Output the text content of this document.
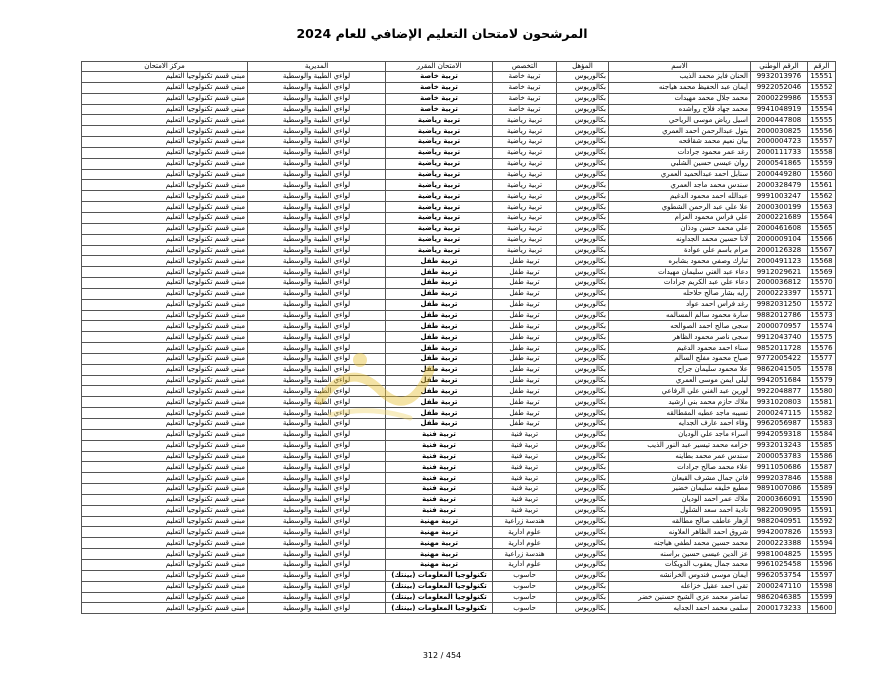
المرشحون لامتحان التعليم الإضافي للعام 2024
الرقم	الرقم الوطني	الاسم	المؤهل	التخصص	الامتحان المقرر	المديرية	مركز الامتحان
15551	9932013976	الحنان فايز محمد الذيب	بكالوريوس	تربية خاصة	تربية خاصة	لواءي الطيبة والوسطية	مبنى قسم تكنولوجيا التعليم
15552	9922052046	ايمان عبد الحفيظ محمد هياجنه	بكالوريوس	تربية خاصة	تربية خاصة	لواءي الطيبة والوسطية	مبنى قسم تكنولوجيا التعليم
15553	2000229986	محمد جلال محمد مهيدات	بكالوريوس	تربية خاصة	تربية خاصة	لواءي الطيبة والوسطية	مبنى قسم تكنولوجيا التعليم
15554	9941048919	محمد جهاد فلاح رواشده	بكالوريوس	تربية خاصة	تربية خاصة	لواءي الطيبة والوسطية	مبنى قسم تكنولوجيا التعليم
15555	2000447808	اسيل رياض موسى الرياحي	بكالوريوس	تربية رياضية	تربية رياضية	لواءي الطيبة والوسطية	مبنى قسم تكنولوجيا التعليم
15556	2000030825	بتول عبدالرحمن احمد العمري	بكالوريوس	تربية رياضية	تربية رياضية	لواءي الطيبة والوسطية	مبنى قسم تكنولوجيا التعليم
15557	2000004723	بيان نعيم محمد شقاقحه	بكالوريوس	تربية رياضية	تربية رياضية	لواءي الطيبة والوسطية	مبنى قسم تكنولوجيا التعليم
15558	2000111733	رغد عمر محمود جرادات	بكالوريوس	تربية رياضية	تربية رياضية	لواءي الطيبة والوسطية	مبنى قسم تكنولوجيا التعليم
15559	2000541865	روان عيسى حسين الشلبي	بكالوريوس	تربية رياضية	تربية رياضية	لواءي الطيبة والوسطية	مبنى قسم تكنولوجيا التعليم
15560	2000449280	سنابل احمد عبدالحميد العمري	بكالوريوس	تربية رياضية	تربية رياضية	لواءي الطيبة والوسطية	مبنى قسم تكنولوجيا التعليم
15561	2000328479	سندس محمد ماجد العمري	بكالوريوس	تربية رياضية	تربية رياضية	لواءي الطيبة والوسطية	مبنى قسم تكنولوجيا التعليم
15562	9991003247	عبدالله احمد محمود الدغيم	بكالوريوس	تربية رياضية	تربية رياضية	لواءي الطيبة والوسطية	مبنى قسم تكنولوجيا التعليم
15563	2000300199	علا علي عبد الرحمن الشطوي	بكالوريوس	تربية رياضية	تربية رياضية	لواءي الطيبة والوسطية	مبنى قسم تكنولوجيا التعليم
15564	2000221689	علي فراس محمود العزام	بكالوريوس	تربية رياضية	تربية رياضية	لواءي الطيبة والوسطية	مبنى قسم تكنولوجيا التعليم
15565	2000461608	علي محمد حسن ودذان	بكالوريوس	تربية رياضية	تربية رياضية	لواءي الطيبة والوسطية	مبنى قسم تكنولوجيا التعليم
15566	2000009104	لانا حسين محمد الجداونه	بكالوريوس	تربية رياضية	تربية رياضية	لواءي الطيبة والوسطية	مبنى قسم تكنولوجيا التعليم
15567	2000126328	مرام باسم علي عوادة	بكالوريوس	تربية رياضية	تربية رياضية	لواءي الطيبة والوسطية	مبنى قسم تكنولوجيا التعليم
15568	2000491123	تبارك وصفي محمود بشابره	بكالوريوس	تربية طفل	تربية طفل	لواءي الطيبة والوسطية	مبنى قسم تكنولوجيا التعليم
15569	9912029621	دعاء عبد الغني سليمان مهيدات	بكالوريوس	تربية طفل	تربية طفل	لواءي الطيبة والوسطية	مبنى قسم تكنولوجيا التعليم
15570	2000036812	دعاء علي عبد الكريم جرادات	بكالوريوس	تربية طفل	تربية طفل	لواءي الطيبة والوسطية	مبنى قسم تكنولوجيا التعليم
15571	2000223397	رايه بشار صالح حلاحله	بكالوريوس	تربية طفل	تربية طفل	لواءي الطيبة والوسطية	مبنى قسم تكنولوجيا التعليم
15572	9982031250	رغد فراس احمد عواد	بكالوريوس	تربية طفل	تربية طفل	لواءي الطيبة والوسطية	مبنى قسم تكنولوجيا التعليم
15573	9882012786	سارة محمود سالم المسالمه	بكالوريوس	تربية طفل	تربية طفل	لواءي الطيبة والوسطية	مبنى قسم تكنولوجيا التعليم
15574	2000070957	سجى صالح احمد الصوالحه	بكالوريوس	تربية طفل	تربية طفل	لواءي الطيبة والوسطية	مبنى قسم تكنولوجيا التعليم
15575	9912043740	سجى ناصر محمود الظاهر	بكالوريوس	تربية طفل	تربية طفل	لواءي الطيبة والوسطية	مبنى قسم تكنولوجيا التعليم
15576	9852011728	سناء احمد محمود الدغيم	بكالوريوس	تربية طفل	تربية طفل	لواءي الطيبة والوسطية	مبنى قسم تكنولوجيا التعليم
15577	9772005422	صباح محمود مفلح السالم	بكالوريوس	تربية طفل	تربية طفل	لواءي الطيبة والوسطية	مبنى قسم تكنولوجيا التعليم
15578	9862041505	علا محمود سليمان جراح	بكالوريوس	تربية طفل	تربية طفل	لواءي الطيبة والوسطية	مبنى قسم تكنولوجيا التعليم
15579	9942051684	ليلى ايمن موسى العمري	بكالوريوس	تربية طفل	تربية طفل	لواءي الطيبة والوسطية	مبنى قسم تكنولوجيا التعليم
15580	9922048877	لورين عبد الغني علي الرفاعي	بكالوريوس	تربية طفل	تربية طفل	لواءي الطيبة والوسطية	مبنى قسم تكنولوجيا التعليم
15581	9931020803	ملاك حازم محمد بني ارشيد	بكالوريوس	تربية طفل	تربية طفل	لواءي الطيبة والوسطية	مبنى قسم تكنولوجيا التعليم
15582	2000247115	نسيبه ماجد عطيه المقطالقه	بكالوريوس	تربية طفل	تربية طفل	لواءي الطيبة والوسطية	مبنى قسم تكنولوجيا التعليم
15583	9962056987	وفاء احمد عارف الجدايه	بكالوريوس	تربية طفل	تربية طفل	لواءي الطيبة والوسطية	مبنى قسم تكنولوجيا التعليم
15584	9942059318	اسراء ماجد علي الوديان	بكالوريوس	تربية فنية	تربية فنية	لواءي الطيبة والوسطية	مبنى قسم تكنولوجيا التعليم
15585	9932013243	خزامه محمد تيسير عبد النور الذيب	بكالوريوس	تربية فنية	تربية فنية	لواءي الطيبة والوسطية	مبنى قسم تكنولوجيا التعليم
15586	2000053783	سندس عمر محمد بطاينه	بكالوريوس	تربية فنية	تربية فنية	لواءي الطيبة والوسطية	مبنى قسم تكنولوجيا التعليم
15587	9911050686	علاء محمد صالح جرادات	بكالوريوس	تربية فنية	تربية فنية	لواءي الطيبة والوسطية	مبنى قسم تكنولوجيا التعليم
15588	9992037846	فاتن جمال مشرف القيعان	بكالوريوس	تربية فنية	تربية فنية	لواءي الطيبة والوسطية	مبنى قسم تكنولوجيا التعليم
15589	9891007086	مطيع خليفه سليمان خضير	بكالوريوس	تربية فنية	تربية فنية	لواءي الطيبة والوسطية	مبنى قسم تكنولوجيا التعليم
15590	2000366091	ملاك عمر احمد الوديان	بكالوريوس	تربية فنية	تربية فنية	لواءي الطيبة والوسطية	مبنى قسم تكنولوجيا التعليم
15591	9822009095	نادية احمد سعد الشلول	بكالوريوس	تربية فنية	تربية فنية	لواءي الطيبة والوسطية	مبنى قسم تكنولوجيا التعليم
15592	9882040951	ازهار عاطف صالح مطالقه	بكالوريوس	هندسة زراعية	تربية مهنية	لواءي الطيبة والوسطية	مبنى قسم تكنولوجيا التعليم
15593	9942007826	شروق احمد الظاهر العلاونه	بكالوريوس	علوم ادارية	تربية مهنية	لواءي الطيبة والوسطية	مبنى قسم تكنولوجيا التعليم
15594	2000223388	محمد حسين محمد لطفي هياجنه	بكالوريوس	علوم ادارية	تربية مهنية	لواءي الطيبة والوسطية	مبنى قسم تكنولوجيا التعليم
15595	9981004825	عز الدين عيسى حسين براسنه	بكالوريوس	هندسة زراعية	تربية مهنية	لواءي الطيبة والوسطية	مبنى قسم تكنولوجيا التعليم
15596	9961025458	محمد جمال يعقوب الدويكات	بكالوريوس	علوم ادارية	تربية مهنية	لواءي الطيبة والوسطية	مبنى قسم تكنولوجيا التعليم
15597	9962053754	ايمان موسى فندوس الخرانشه	بكالوريوس	حاسوب	تكنولوجيا المعلومات (بينتك)	لواءي الطيبة والوسطية	مبنى قسم تكنولوجيا التعليم
15598	2000247110	تقى احمد عقيل خزاعله	بكالوريوس	حاسوب	تكنولوجيا المعلومات (بينتك)	لواءي الطيبة والوسطية	مبنى قسم تكنولوجيا التعليم
15599	9862046385	تماضر محمد عزي الشيخ حسنين خضر	بكالوريوس	حاسوب	تكنولوجيا المعلومات (بينتك)	لواءي الطيبة والوسطية	مبنى قسم تكنولوجيا التعليم
15600	2000173233	سلمى محمد احمد الجدايه	بكالوريوس	حاسوب	تكنولوجيا المعلومات (بينتك)	لواءي الطيبة والوسطية	مبنى قسم تكنولوجيا التعليم
312 / 454
